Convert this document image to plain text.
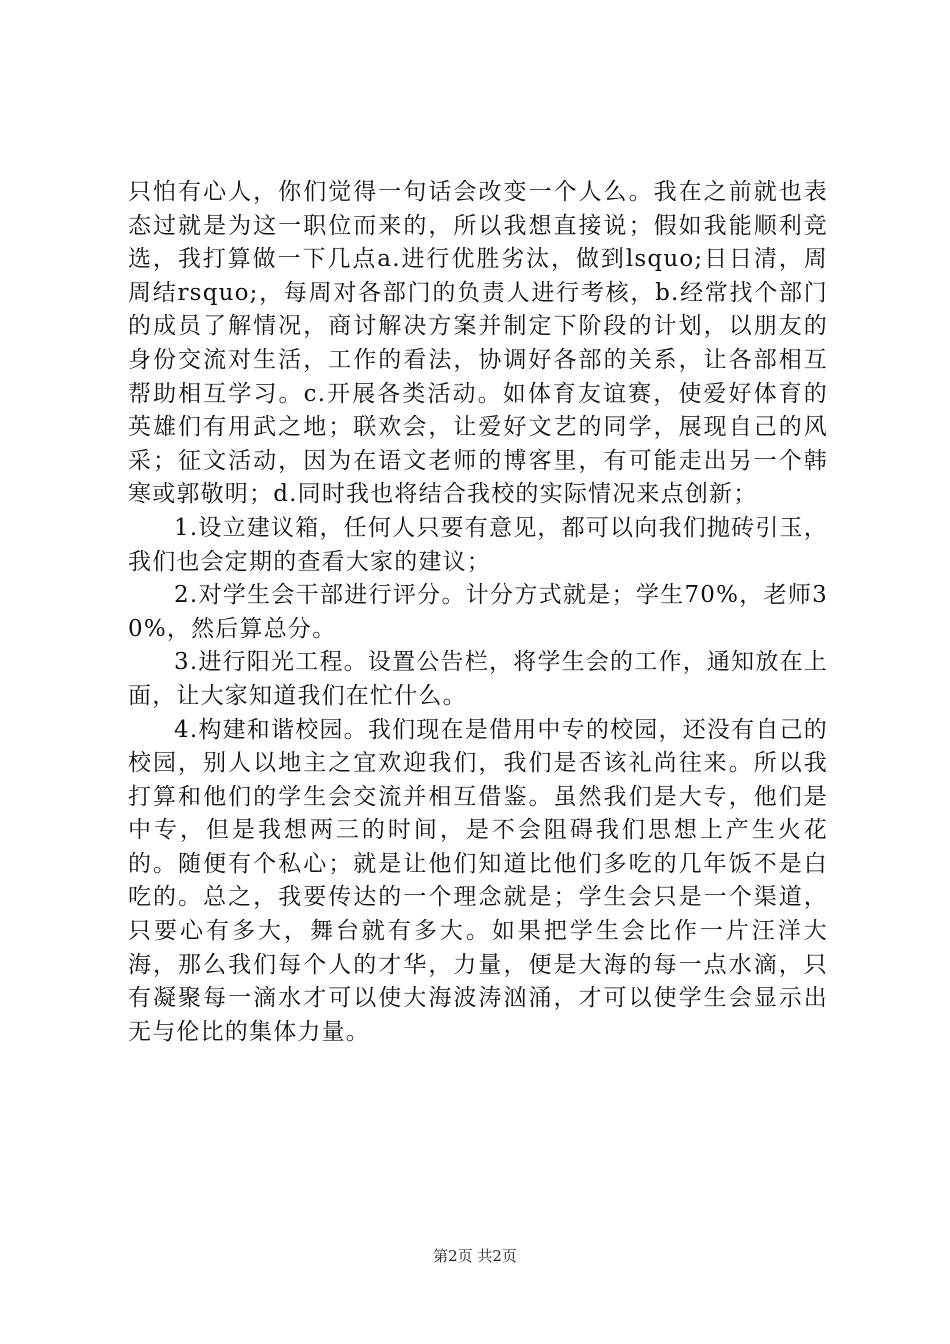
只怕有心人，你们觉得一句话会改变一个人么。我在之前就也表态过就是为这一职位而来的，所以我想直接说；假如我能顺利竞选，我打算做一下几点a.进行优胜劣汰，做到lsquo;日日清，周周结rsquo;，每周对各部门的负责人进行考核，b.经常找个部门的成员了解情况，商讨解决方案并制定下阶段的计划，以朋友的身份交流对生活，工作的看法，协调好各部的关系，让各部相互帮助相互学习。c.开展各类活动。如体育友谊赛，使爱好体育的英雄们有用武之地；联欢会，让爱好文艺的同学，展现自己的风采；征文活动，因为在语文老师的博客里，有可能走出另一个韩寒或郭敬明；d.同时我也将结合我校的实际情况来点创新；

1.设立建议箱，任何人只要有意见，都可以向我们抛砖引玉，我们也会定期的查看大家的建议；

2.对学生会干部进行评分。计分方式就是；学生70%，老师30%，然后算总分。

3.进行阳光工程。设置公告栏，将学生会的工作，通知放在上面，让大家知道我们在忙什么。

4.构建和谐校园。我们现在是借用中专的校园，还没有自己的校园，别人以地主之宜欢迎我们，我们是否该礼尚往来。所以我打算和他们的学生会交流并相互借鉴。虽然我们是大专，他们是中专，但是我想两三的时间，是不会阻碍我们思想上产生火花的。随便有个私心；就是让他们知道比他们多吃的几年饭不是白吃的。总之，我要传达的一个理念就是；学生会只是一个渠道，只要心有多大，舞台就有多大。如果把学生会比作一片汪洋大海，那么我们每个人的才华，力量，便是大海的每一点水滴，只有凝聚每一滴水才可以使大海波涛汹涌，才可以使学生会显示出无与伦比的集体力量。

第2页 共2页
